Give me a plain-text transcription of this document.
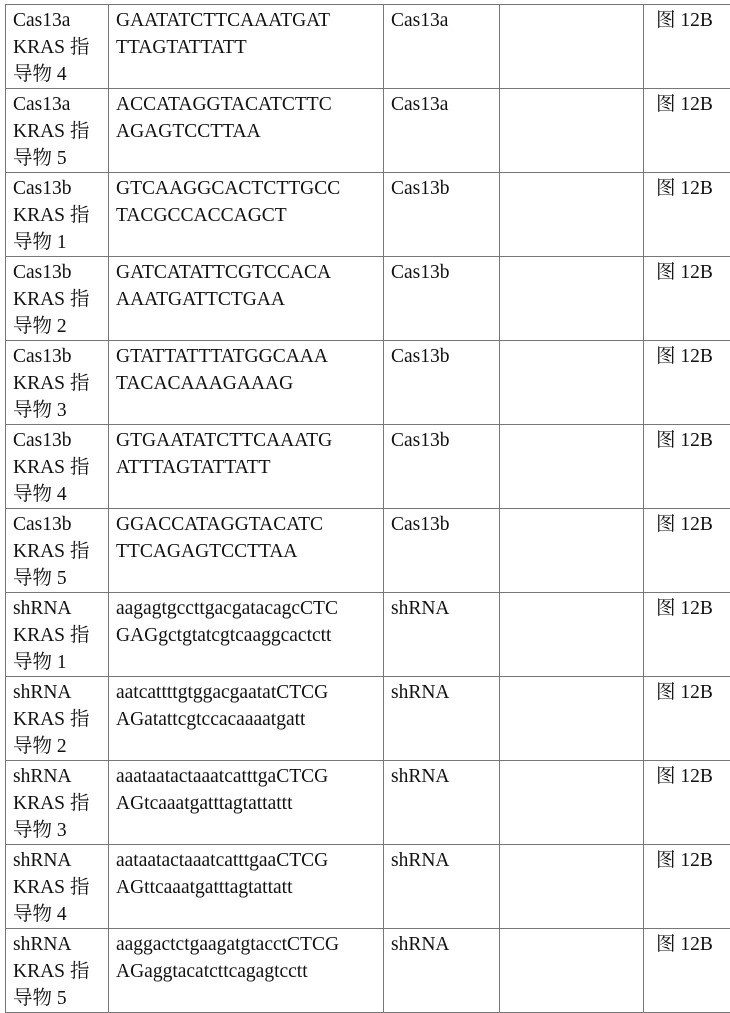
Cas13a
KRAS 指
导物 4

GAATATCTTCAAATGAT
TTAGTATTATT

Cas13a		图 12B

Cas13a
KRAS 指
导物 5

ACCATAGGTACATCTTC
AGAGTCCTTAA

Cas13a		图 12B

Cas13b
KRAS 指
导物 1

GTCAAGGCACTCTTGCC
TACGCCACCAGCT

Cas13b		图 12B

Cas13b
KRAS 指
导物 2

GATCATATTCGTCCACA
AAATGATTCTGAA

Cas13b		图 12B

Cas13b
KRAS 指
导物 3

GTATTATTTATGGCAAA
TACACAAAGAAAG

Cas13b		图 12B

Cas13b
KRAS 指
导物 4

GTGAATATCTTCAAATG
ATTTAGTATTATT

Cas13b		图 12B

Cas13b
KRAS 指
导物 5

GGACCATAGGTACATC
TTCAGAGTCCTTAA

Cas13b		图 12B

shRNA
KRAS 指
导物 1

aagagtgccttgacgatacagcCTC
GAGgctgtatcgtcaaggcactctt

shRNA		图 12B

shRNA
KRAS 指
导物 2

aatcattttgtggacgaatatCTCG
AGatattcgtccacaaaatgatt

shRNA		图 12B

shRNA
KRAS 指
导物 3

aaataatactaaatcatttgaCTCG
AGtcaaatgatttagtattattt

shRNA		图 12B

shRNA
KRAS 指
导物 4

aataatactaaatcatttgaaCTCG
AGttcaaatgatttagtattatt

shRNA		图 12B

shRNA
KRAS 指
导物 5

aaggactctgaagatgtacctCTCG
AGaggtacatcttcagagtcctt

shRNA		图 12B
